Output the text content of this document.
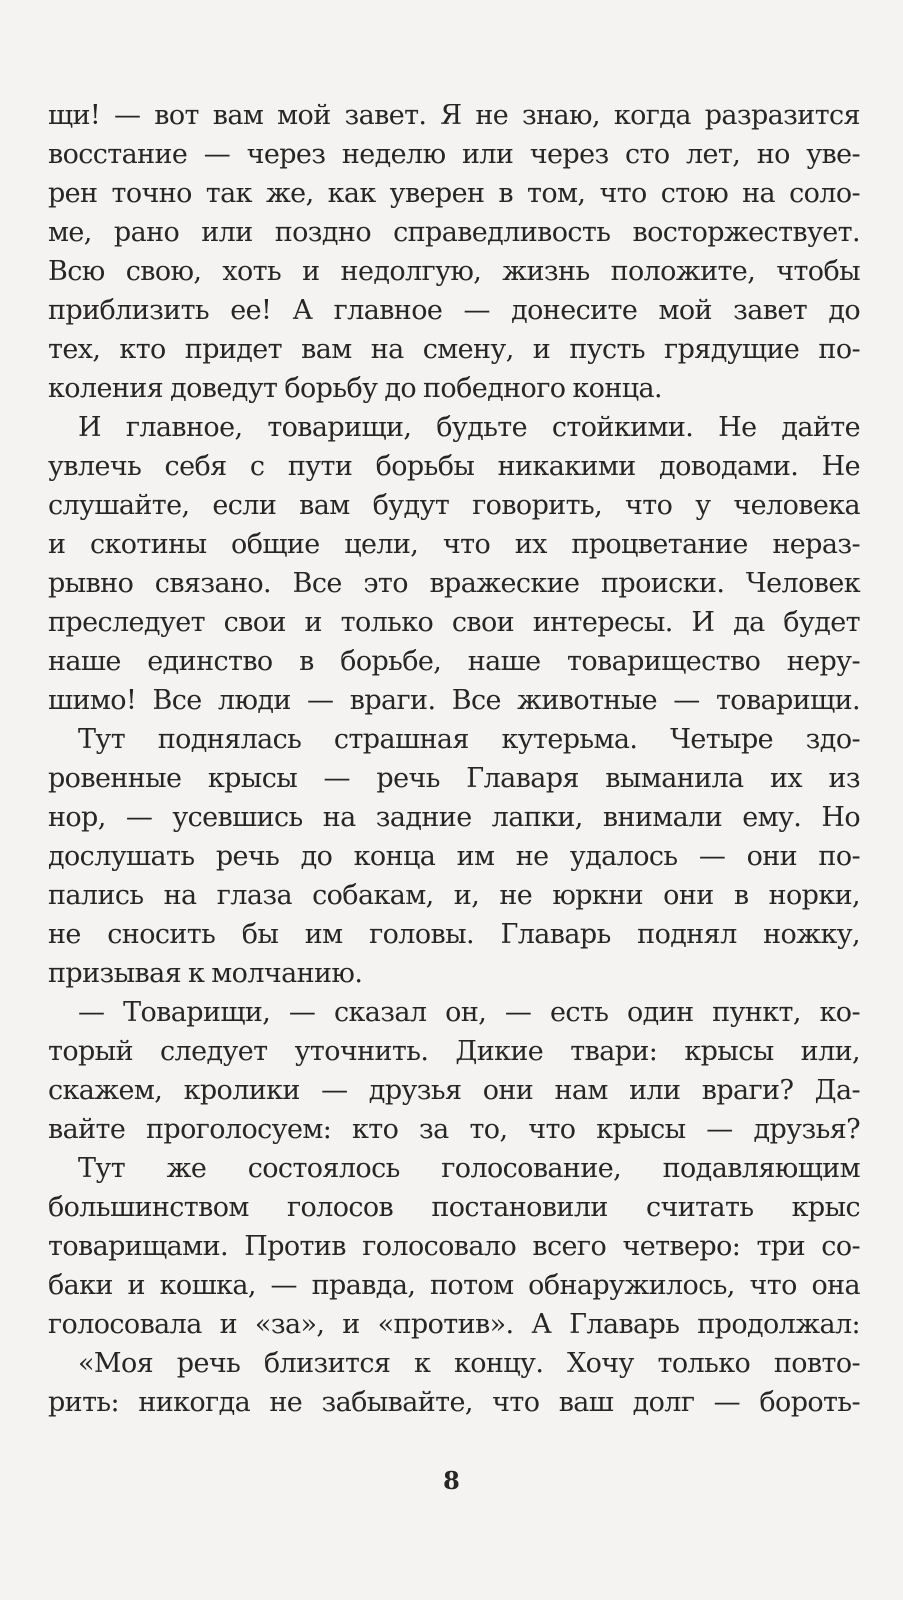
щи! — вот вам мой завет. Я не знаю, когда разразится
восстание — через неделю или через сто лет, но уве-
рен точно так же, как уверен в том, что стою на соло-
ме, рано или поздно справедливость восторжествует.
Всю свою, хоть и недолгую, жизнь положите, чтобы
приблизить ее! А главное — донесите мой завет до
тех, кто придет вам на смену, и пусть грядущие по-
коления доведут борьбу до победного конца.
И главное, товарищи, будьте стойкими. Не дайте
увлечь себя с пути борьбы никакими доводами. Не
слушайте, если вам будут говорить, что у человека
и скотины общие цели, что их процветание нераз-
рывно связано. Все это вражеские происки. Человек
преследует свои и только свои интересы. И да будет
наше единство в борьбе, наше товарищество неру-
шимо! Все люди — враги. Все животные — товарищи.
Тут поднялась страшная кутерьма. Четыре здо-
ровенные крысы — речь Главаря выманила их из
нор, — усевшись на задние лапки, внимали ему. Но
дослушать речь до конца им не удалось — они по-
пались на глаза собакам, и, не юркни они в норки,
не сносить бы им головы. Главарь поднял ножку,
призывая к молчанию.
— Товарищи, — сказал он, — есть один пункт, ко-
торый следует уточнить. Дикие твари: крысы или,
скажем, кролики — друзья они нам или враги? Да-
вайте проголосуем: кто за то, что крысы — друзья?
Тут же состоялось голосование, подавляющим
большинством голосов постановили считать крыс
товарищами. Против голосовало всего четверо: три со-
баки и кошка, — правда, потом обнаружилось, что она
голосовала и «за», и «против». А Главарь продолжал:
«Моя речь близится к концу. Хочу только повто-
рить: никогда не забывайте, что ваш долг — бороть-
8
